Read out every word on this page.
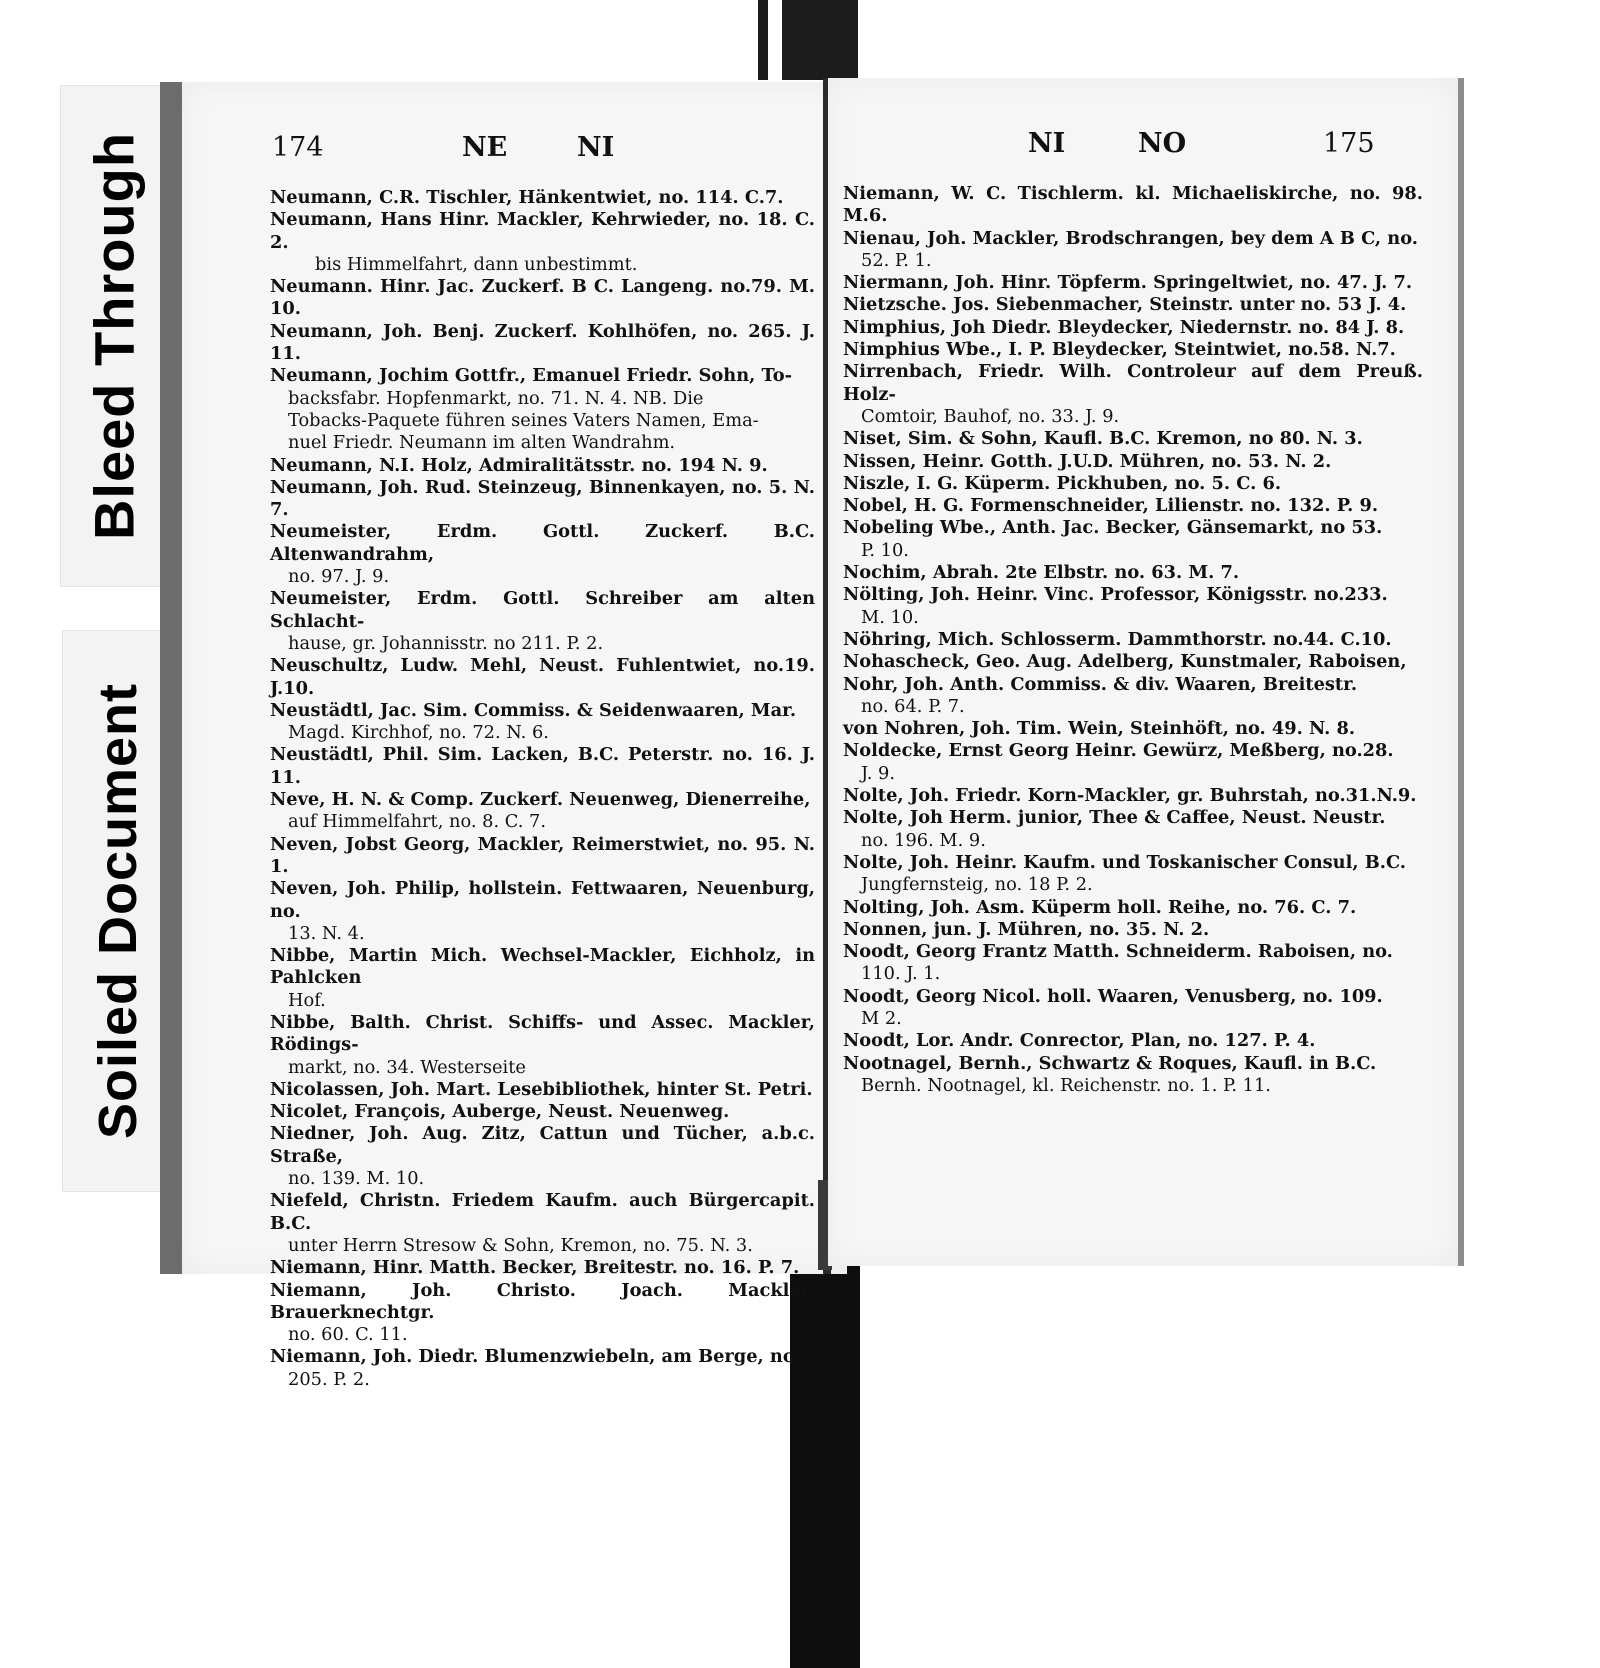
Bleed Through
Soiled Document
174	NE	NI

Neumann, C.R. Tischler, Hänkentwiet, no. 114. C.7.

Neumann, Hans Hinr. Mackler, Kehrwieder, no. 18. C. 2.
bis Himmelfahrt, dann unbestimmt.

Neumann. Hinr. Jac. Zuckerf. B C. Langeng. no.79. M. 10.

Neumann, Joh. Benj. Zuckerf. Kohlhöfen, no. 265. J. 11.

Neumann, Jochim Gottfr., Emanuel Friedr. Sohn, To-
backsfabr. Hopfenmarkt, no. 71. N. 4. NB. Die
Tobacks-Paquete führen seines Vaters Namen, Ema-
nuel Friedr. Neumann im alten Wandrahm.

Neumann, N.I. Holz, Admiralitätsstr. no. 194 N. 9.

Neumann, Joh. Rud. Steinzeug, Binnenkayen, no. 5. N. 7.

Neumeister, Erdm. Gottl. Zuckerf. B.C. Altenwandrahm,
no. 97. J. 9.

Neumeister, Erdm. Gottl. Schreiber am alten Schlacht-
hause, gr. Johannisstr. no 211. P. 2.

Neuschultz, Ludw. Mehl, Neust. Fuhlentwiet, no.19. J.10.

Neustädtl, Jac. Sim. Commiss. & Seidenwaaren, Mar.
Magd. Kirchhof, no. 72. N. 6.

Neustädtl, Phil. Sim. Lacken, B.C. Peterstr. no. 16. J. 11.

Neve, H. N. & Comp. Zuckerf. Neuenweg, Dienerreihe,
auf Himmelfahrt, no. 8. C. 7.

Neven, Jobst Georg, Mackler, Reimerstwiet, no. 95. N. 1.

Neven, Joh. Philip, hollstein. Fettwaaren, Neuenburg, no.
13. N. 4.

Nibbe, Martin Mich. Wechsel-Mackler, Eichholz, in Pahlcken
Hof.

Nibbe, Balth. Christ. Schiffs- und Assec. Mackler, Rödings-
markt, no. 34. Westerseite

Nicolassen, Joh. Mart. Lesebibliothek, hinter St. Petri.

Nicolet, François, Auberge, Neust. Neuenweg.

Niedner, Joh. Aug. Zitz, Cattun und Tücher, a.b.c. Straße,
no. 139. M. 10.

Niefeld, Christn. Friedem Kaufm. auch Bürgercapit. B.C.
unter Herrn Stresow & Sohn, Kremon, no. 75. N. 3.

Niemann, Hinr. Matth. Becker, Breitestr. no. 16. P. 7.

Niemann, Joh. Christo. Joach. Mackler, Brauerknechtgr.
no. 60. C. 11.

Niemann, Joh. Diedr. Blumenzwiebeln, am Berge, no.
205. P. 2.

NI	NO	175

Niemann, W. C. Tischlerm. kl. Michaeliskirche, no. 98. M.6.

Nienau, Joh. Mackler, Brodschrangen, bey dem A B C, no.
52. P. 1.

Niermann, Joh. Hinr. Töpferm. Springeltwiet, no. 47. J. 7.

Nietzsche. Jos. Siebenmacher, Steinstr. unter no. 53 J. 4.

Nimphius, Joh Diedr. Bleydecker, Niedernstr. no. 84 J. 8.

Nimphius Wbe., I. P. Bleydecker, Steintwiet, no.58. N.7.

Nirrenbach, Friedr. Wilh. Controleur auf dem Preuß. Holz-
Comtoir, Bauhof, no. 33. J. 9.

Niset, Sim. & Sohn, Kaufl. B.C. Kremon, no 80. N. 3.

Nissen, Heinr. Gotth. J.U.D. Mühren, no. 53. N. 2.

Niszle, I. G. Küperm. Pickhuben, no. 5. C. 6.

Nobel, H. G. Formenschneider, Lilienstr. no. 132. P. 9.

Nobeling Wbe., Anth. Jac. Becker, Gänsemarkt, no 53.
P. 10.

Nochim, Abrah. 2te Elbstr. no. 63. M. 7.

Nölting, Joh. Heinr. Vinc. Professor, Königsstr. no.233.
M. 10.

Nöhring, Mich. Schlosserm. Dammthorstr. no.44. C.10.

Nohascheck, Geo. Aug. Adelberg, Kunstmaler, Raboisen,

Nohr, Joh. Anth. Commiss. & div. Waaren, Breitestr.
no. 64. P. 7.

von Nohren, Joh. Tim. Wein, Steinhöft, no. 49. N. 8.

Noldecke, Ernst Georg Heinr. Gewürz, Meßberg, no.28.
J. 9.

Nolte, Joh. Friedr. Korn-Mackler, gr. Buhrstah, no.31.N.9.

Nolte, Joh Herm. junior, Thee & Caffee, Neust. Neustr.
no. 196. M. 9.

Nolte, Joh. Heinr. Kaufm. und Toskanischer Consul, B.C.
Jungfernsteig, no. 18 P. 2.

Nolting, Joh. Asm. Küperm holl. Reihe, no. 76. C. 7.

Nonnen, jun. J. Mühren, no. 35. N. 2.

Noodt, Georg Frantz Matth. Schneiderm. Raboisen, no.
110. J. 1.

Noodt, Georg Nicol. holl. Waaren, Venusberg, no. 109.
M 2.

Noodt, Lor. Andr. Conrector, Plan, no. 127. P. 4.

Nootnagel, Bernh., Schwartz & Roques, Kaufl. in B.C.
Bernh. Nootnagel, kl. Reichenstr. no. 1. P. 11.
